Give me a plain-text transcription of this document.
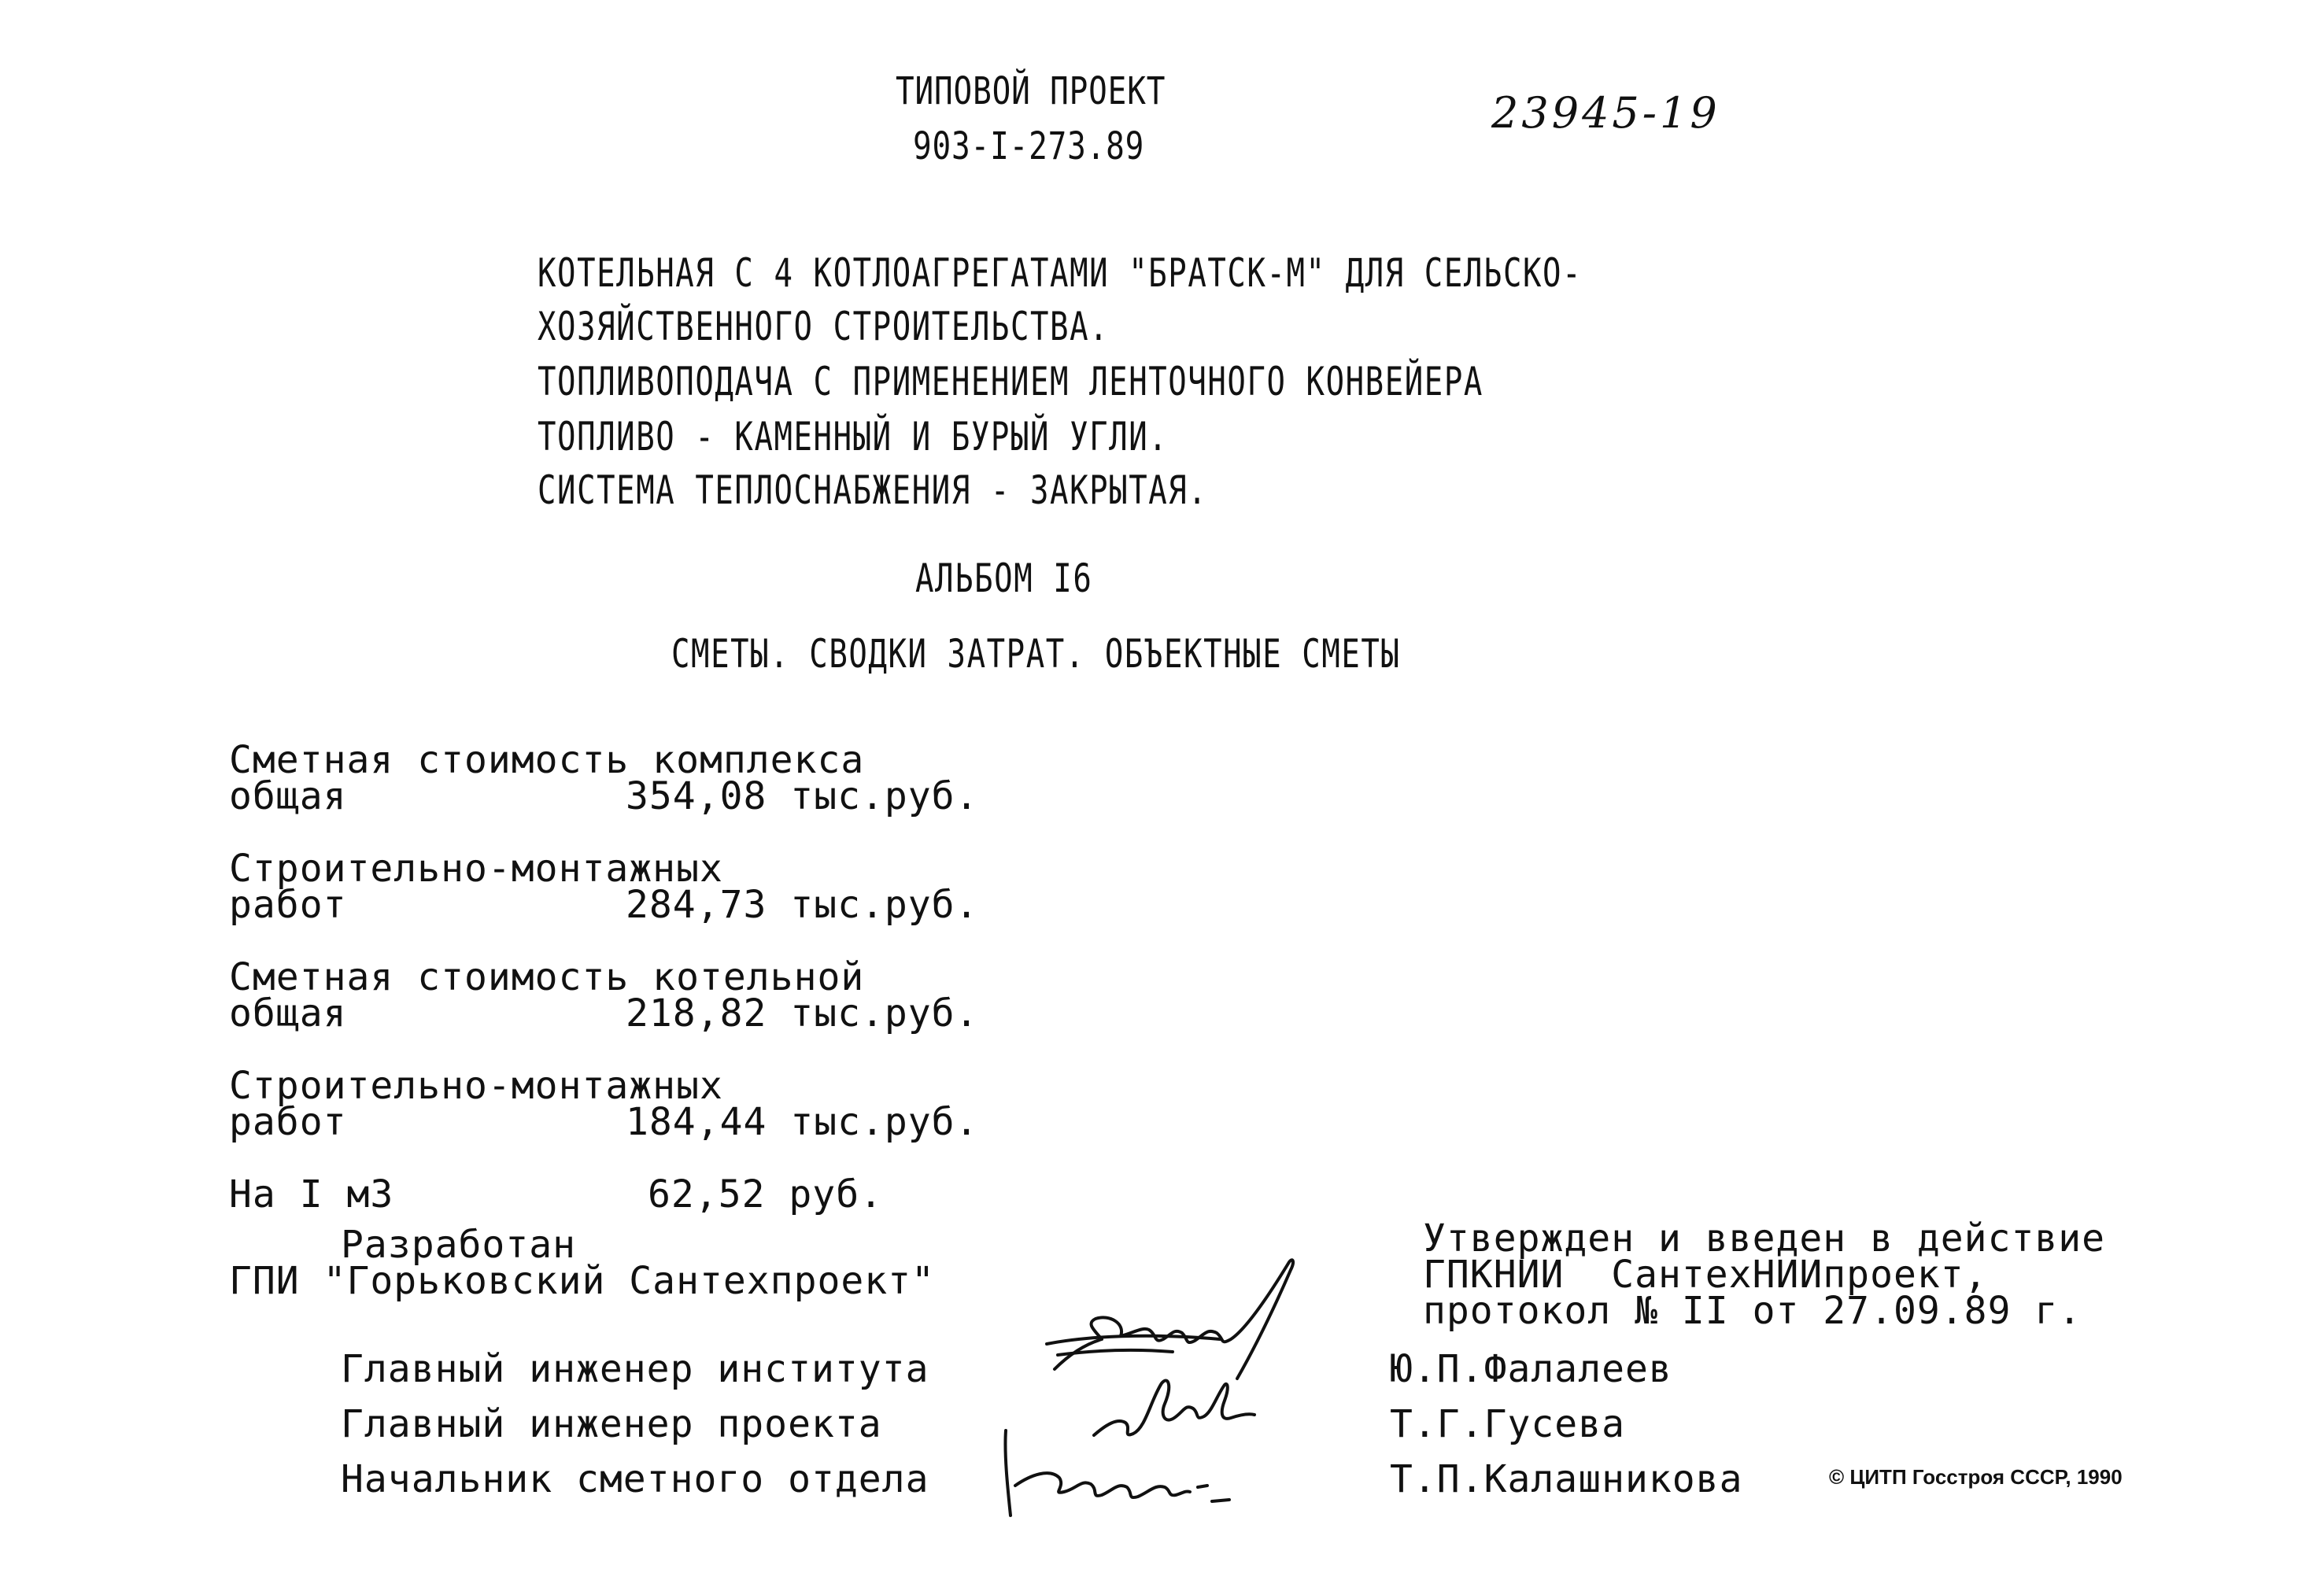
ТИПОВОЙ ПРОЕКТ
903-I-273.89
23945-19
КОТЕЛЬНАЯ С 4 КОТЛОАГРЕГАТАМИ "БРАТСК-М" ДЛЯ СЕЛЬСКО-
ХОЗЯЙСТВЕННОГО СТРОИТЕЛЬСТВА.
ТОПЛИВОПОДАЧА С ПРИМЕНЕНИЕМ ЛЕНТОЧНОГО КОНВЕЙЕРА
ТОПЛИВО - КАМЕННЫЙ И БУРЫЙ УГЛИ.
СИСТЕМА ТЕПЛОСНАБЖЕНИЯ - ЗАКРЫТАЯ.
АЛЬБОМ I6
СМЕТЫ. СВОДКИ ЗАТРАТ. ОБЪЕКТНЫЕ СМЕТЫ
Сметная стоимость комплекса
общая	354,08 тыс.руб.
Строительно-монтажных
работ	284,73 тыс.руб.
Сметная стоимость котельной
общая	218,82 тыс.руб.
Строительно-монтажных
работ	184,44 тыс.руб.
На I м3	62,52 руб.
Разработан
ГПИ "Горьковский Сантехпроект"
Утвержден и введен в действие
ГПКНИИ  СантехНИИпроект,
протокол № II от 27.09.89 г.
Главный инженер института	Ю.П.Фалалеев
Главный инженер проекта	Т.Г.Гусева
Начальник сметного отдела	Т.П.Калашникова	© ЦИТП Госстроя СССР, 1990
